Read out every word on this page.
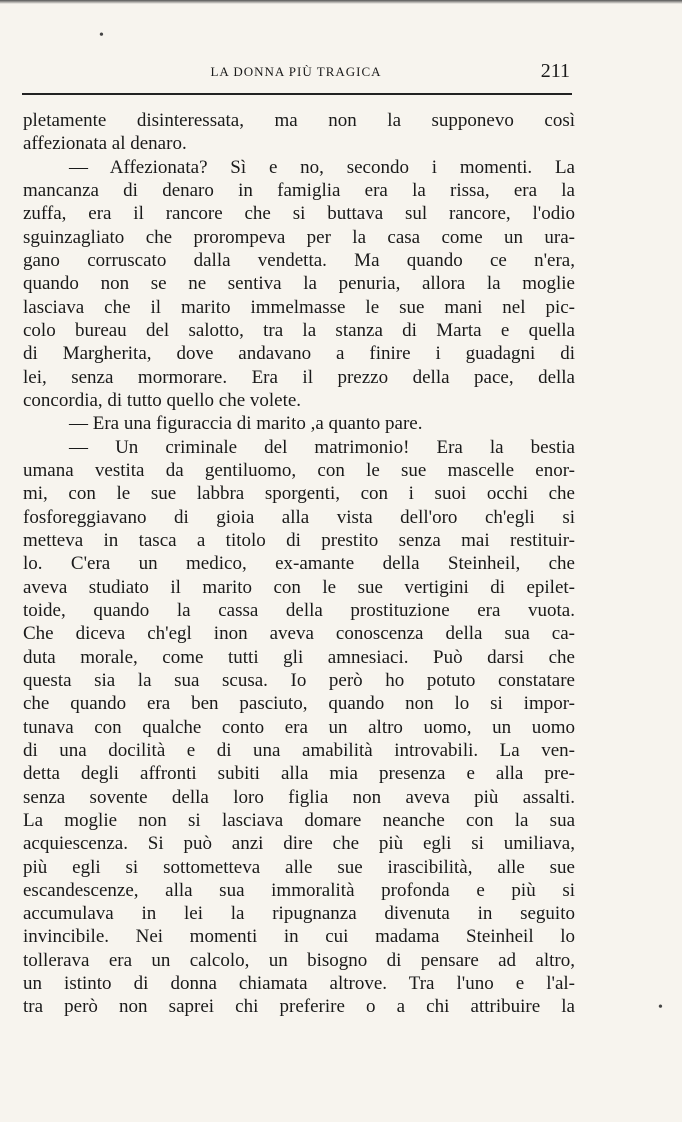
LA DONNA PIÙ TRAGICA	211
pletamente disinteressata, ma non la supponevo così
affezionata al denaro.
— Affezionata? Sì e no, secondo i momenti. La
mancanza di denaro in famiglia era la rissa, era la
zuffa, era il rancore che si buttava sul rancore, l'odio
sguinzagliato che prorompeva per la casa come un ura-
gano corruscato dalla vendetta. Ma quando ce n'era,
quando non se ne sentiva la penuria, allora la moglie
lasciava che il marito immelmasse le sue mani nel pic-
colo bureau del salotto, tra la stanza di Marta e quella
di Margherita, dove andavano a finire i guadagni di
lei, senza mormorare. Era il prezzo della pace, della
concordia, di tutto quello che volete.
— Era una figuraccia di marito ,a quanto pare.
— Un criminale del matrimonio! Era la bestia
umana vestita da gentiluomo, con le sue mascelle enor-
mi, con le sue labbra sporgenti, con i suoi occhi che
fosforeggiavano di gioia alla vista dell'oro ch'egli si
metteva in tasca a titolo di prestito senza mai restituir-
lo. C'era un medico, ex-amante della Steinheil, che
aveva studiato il marito con le sue vertigini di epilet-
toide, quando la cassa della prostituzione era vuota.
Che diceva ch'egl inon aveva conoscenza della sua ca-
duta morale, come tutti gli amnesiaci. Può darsi che
questa sia la sua scusa. Io però ho potuto constatare
che quando era ben pasciuto, quando non lo si impor-
tunava con qualche conto era un altro uomo, un uomo
di una docilità e di una amabilità introvabili. La ven-
detta degli affronti subiti alla mia presenza e alla pre-
senza sovente della loro figlia non aveva più assalti.
La moglie non si lasciava domare neanche con la sua
acquiescenza. Si può anzi dire che più egli si umiliava,
più egli si sottometteva alle sue irascibilità, alle sue
escandescenze, alla sua immoralità profonda e più si
accumulava in lei la ripugnanza divenuta in seguito
invincibile. Nei momenti in cui madama Steinheil lo
tollerava era un calcolo, un bisogno di pensare ad altro,
un istinto di donna chiamata altrove. Tra l'uno e l'al-
tra però non saprei chi preferire o a chi attribuire la
•
•
